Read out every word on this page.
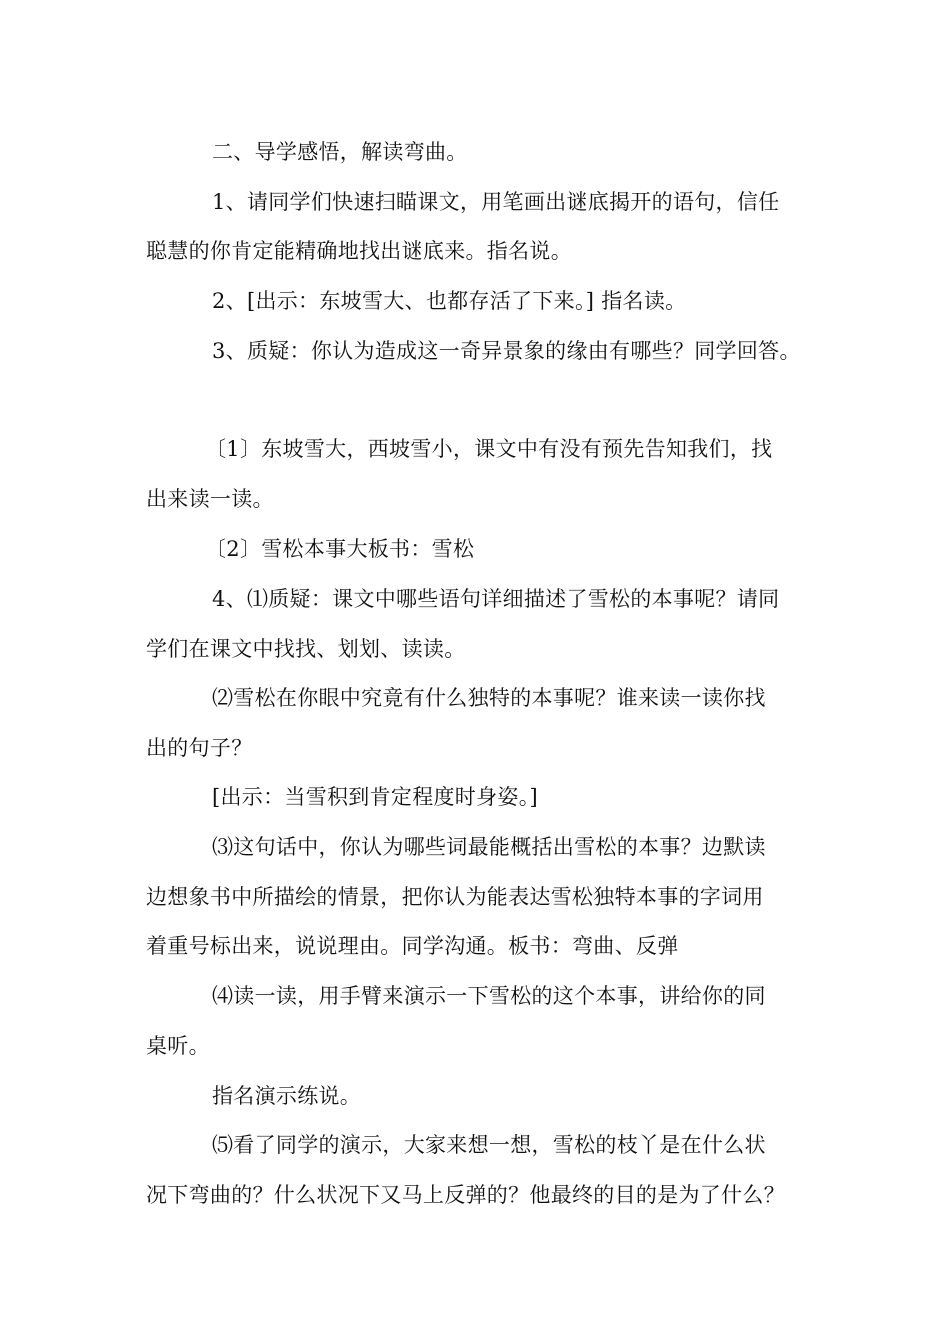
二、导学感悟，解读弯曲。
1、请同学们快速扫瞄课文，用笔画出谜底揭开的语句，信任
聪慧的你肯定能精确地找出谜底来。指名说。
2、[出示：东坡雪大、也都存活了下来。] 指名读。
3、质疑：你认为造成这一奇异景象的缘由有哪些？同学回答。
〔1〕东坡雪大，西坡雪小，课文中有没有预先告知我们，找
出来读一读。
〔2〕雪松本事大板书：雪松
4、⑴质疑：课文中哪些语句详细描述了雪松的本事呢？请同
学们在课文中找找、划划、读读。
⑵雪松在你眼中究竟有什么独特的本事呢？谁来读一读你找
出的句子？
[出示：当雪积到肯定程度时身姿。]
⑶这句话中，你认为哪些词最能概括出雪松的本事？边默读
边想象书中所描绘的情景，把你认为能表达雪松独特本事的字词用
着重号标出来，说说理由。同学沟通。板书：弯曲、反弹
⑷读一读，用手臂来演示一下雪松的这个本事，讲给你的同
桌听。
指名演示练说。
⑸看了同学的演示，大家来想一想，雪松的枝丫是在什么状
况下弯曲的？什么状况下又马上反弹的？他最终的目的是为了什么？
